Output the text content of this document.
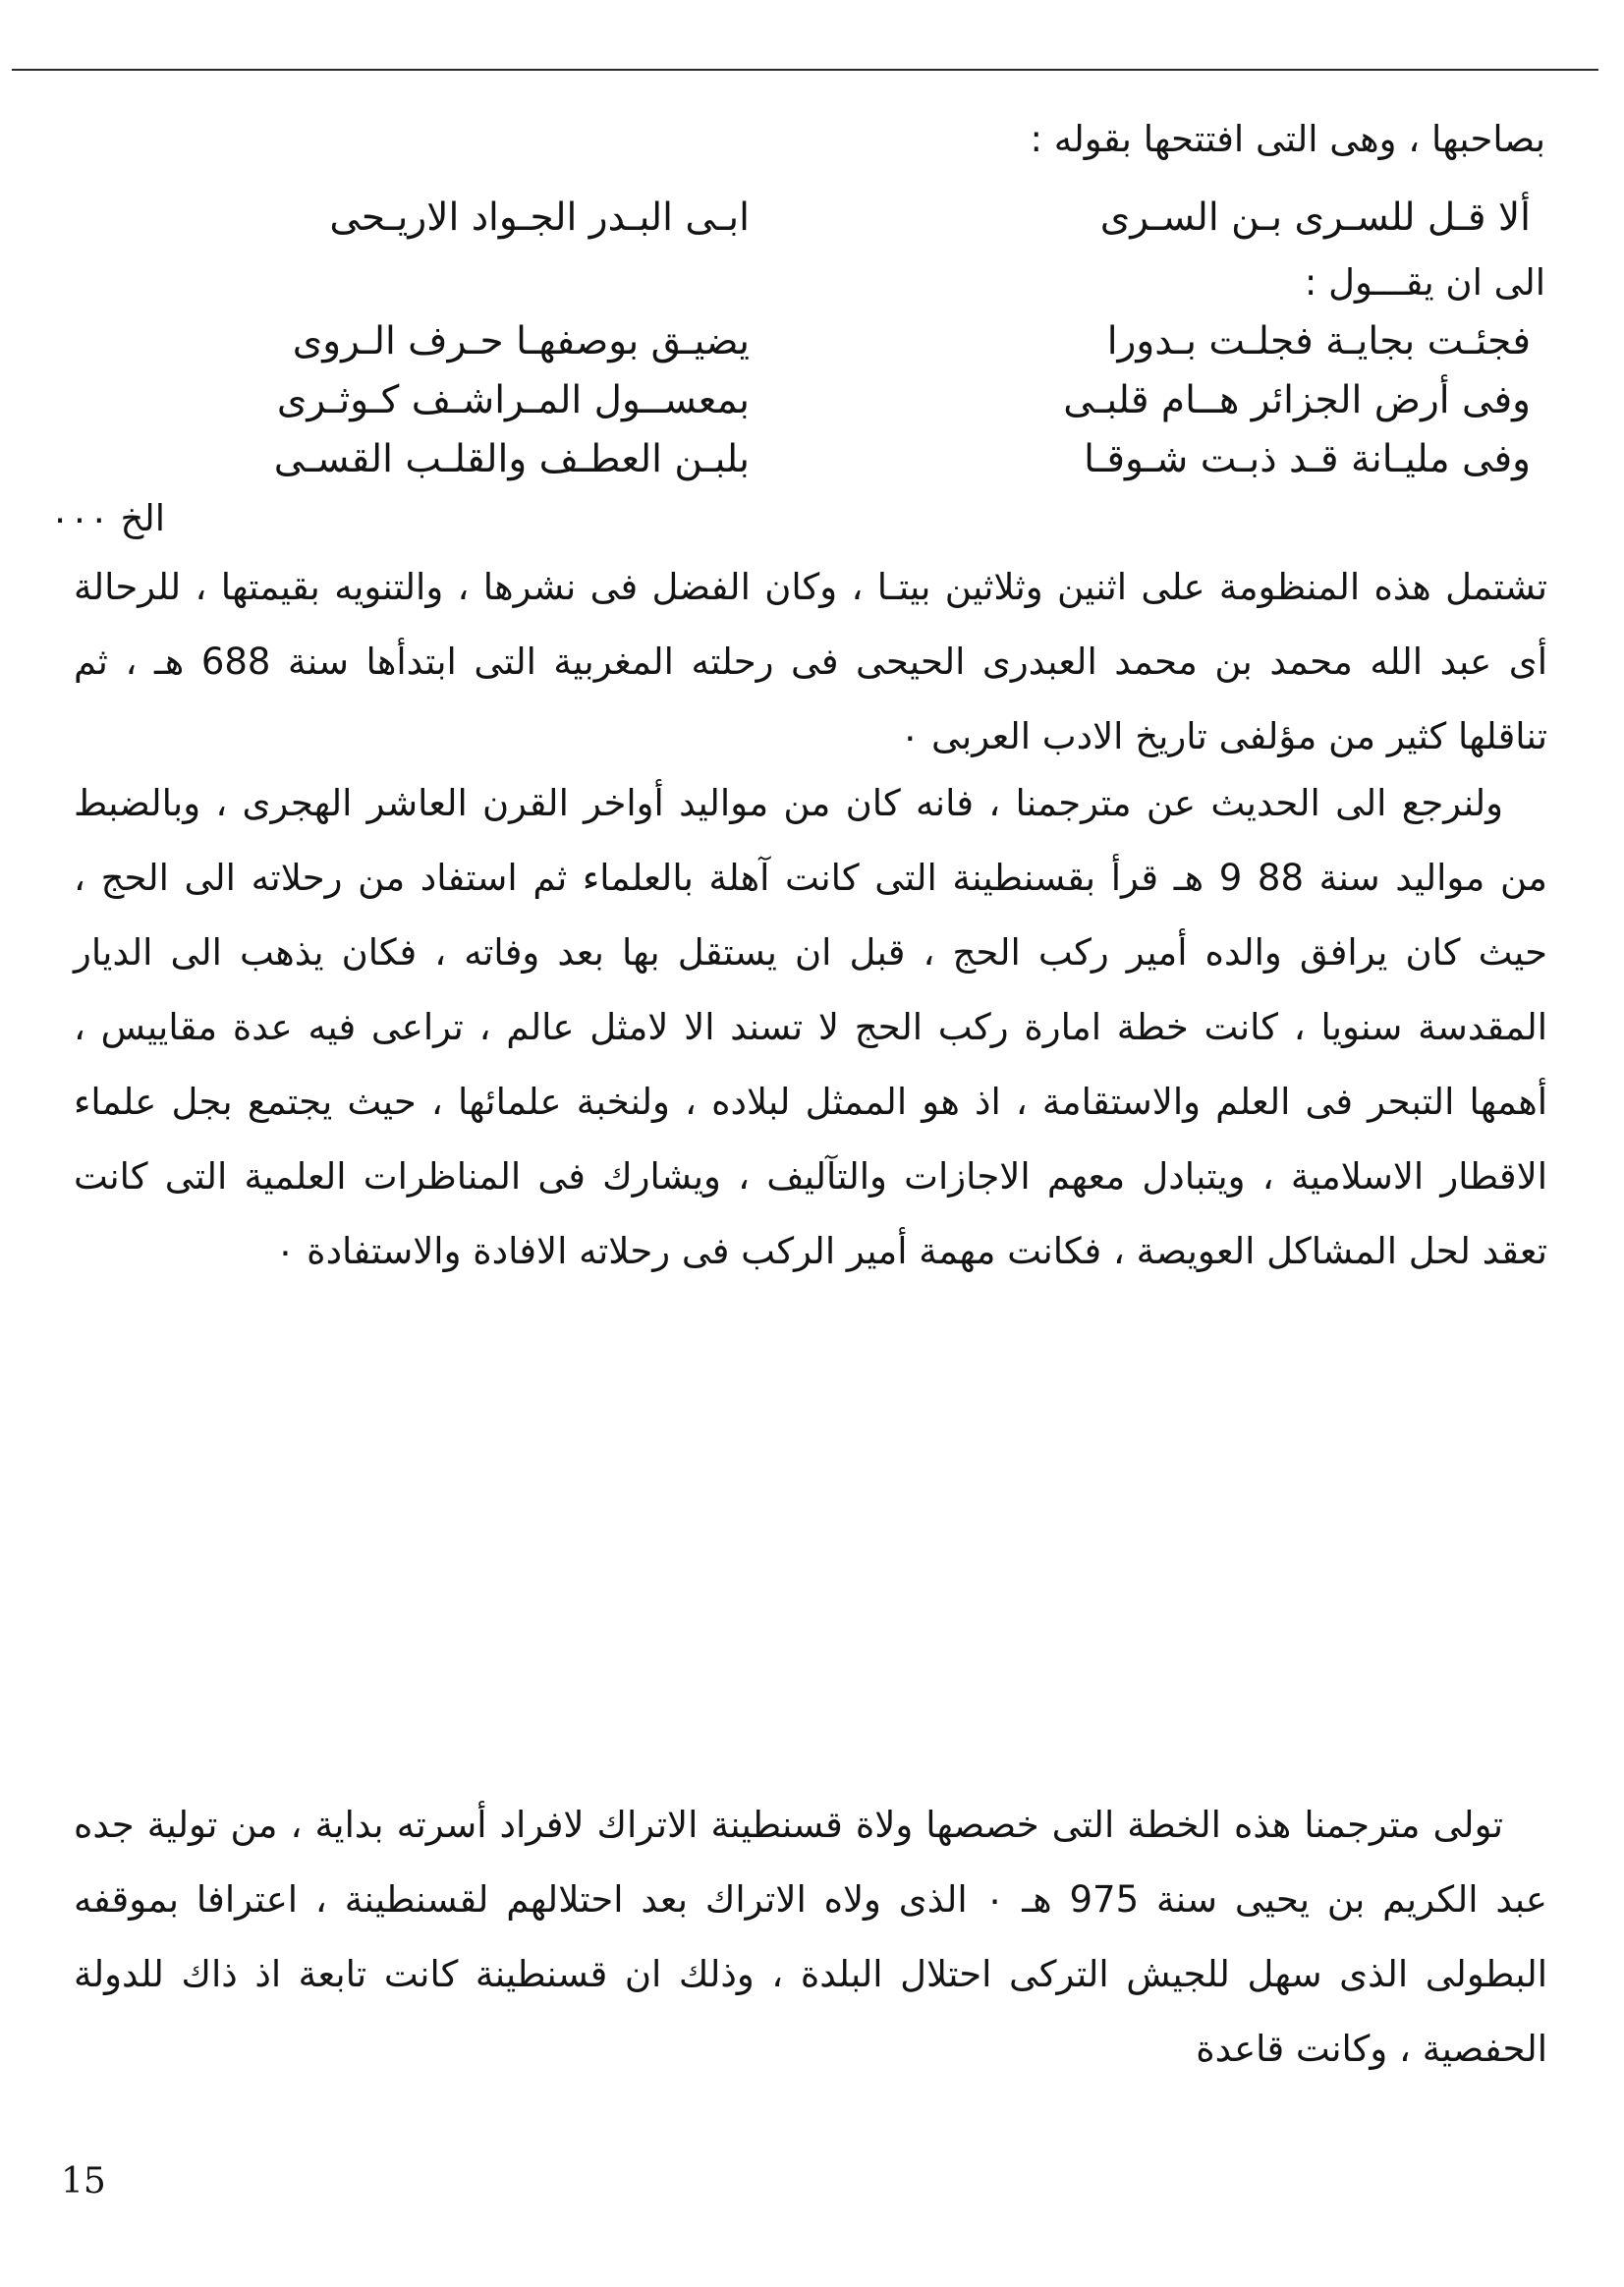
بصاحبها ، وهى التى افتتحها بقوله :
ألا قـل للسـرى بـن السـرى
ابـى البـدر الجـواد الاريـحى
الى ان يقـــول :
فجئـت بجايـة فجلـت بـدورا
يضيـق بوصفهـا حـرف الـروى
وفى أرض الجزائر هــام قلبـى
بمعســول المـراشـف كـوثـرى
وفى مليـانة قـد ذبـت شـوقـا
بلبـن العطـف والقلـب القسـى
الخ ٠٠٠
تشتمل هذه المنظومة على اثنين وثلاثين بيتـا ، وكان الفضل فى نشرها ، والتنويه بقيمتها ، للرحالة أى عبد الله محمد بن محمد العبدرى الحيحى فى رحلته المغربية التى ابتدأها سنة 688 هـ ، ثم تناقلها كثير من مؤلفى تاريخ الادب العربى ٠
ولنرجع الى الحديث عن مترجمنا ، فانه كان من مواليد أواخر القرن العاشر الهجرى ، وبالضبط من مواليد سنة 88 9 هـ قرأ بقسنطينة التى كانت آهلة بالعلماء ثم استفاد من رحلاته الى الحج ، حيث كان يرافق والده أمير ركب الحج ، قبل ان يستقل بها بعد وفاته ، فكان يذهب الى الديار المقدسة سنويا ، كانت خطة امارة ركب الحج لا تسند الا لامثل عالم ، تراعى فيه عدة مقاييس ، أهمها التبحر فى العلم والاستقامة ، اذ هو الممثل لبلاده ، ولنخبة علمائها ، حيث يجتمع بجل علماء الاقطار الاسلامية ، ويتبادل معهم الاجازات والتآليف ، ويشارك فى المناظرات العلمية التى كانت تعقد لحل المشاكل العويصة ، فكانت مهمة أمير الركب فى رحلاته الافادة والاستفادة ٠
تولى مترجمنا هذه الخطة التى خصصها ولاة قسنطينة الاتراك لافراد أسرته بداية ، من تولية جده عبد الكريم بن يحيى سنة 975 هـ ٠ الذى ولاه الاتراك بعد احتلالهم لقسنطينة ، اعترافا بموقفه البطولى الذى سهل للجيش التركى احتلال البلدة ، وذلك ان قسنطينة كانت تابعة اذ ذاك للدولة الحفصية ، وكانت قاعدة
15
